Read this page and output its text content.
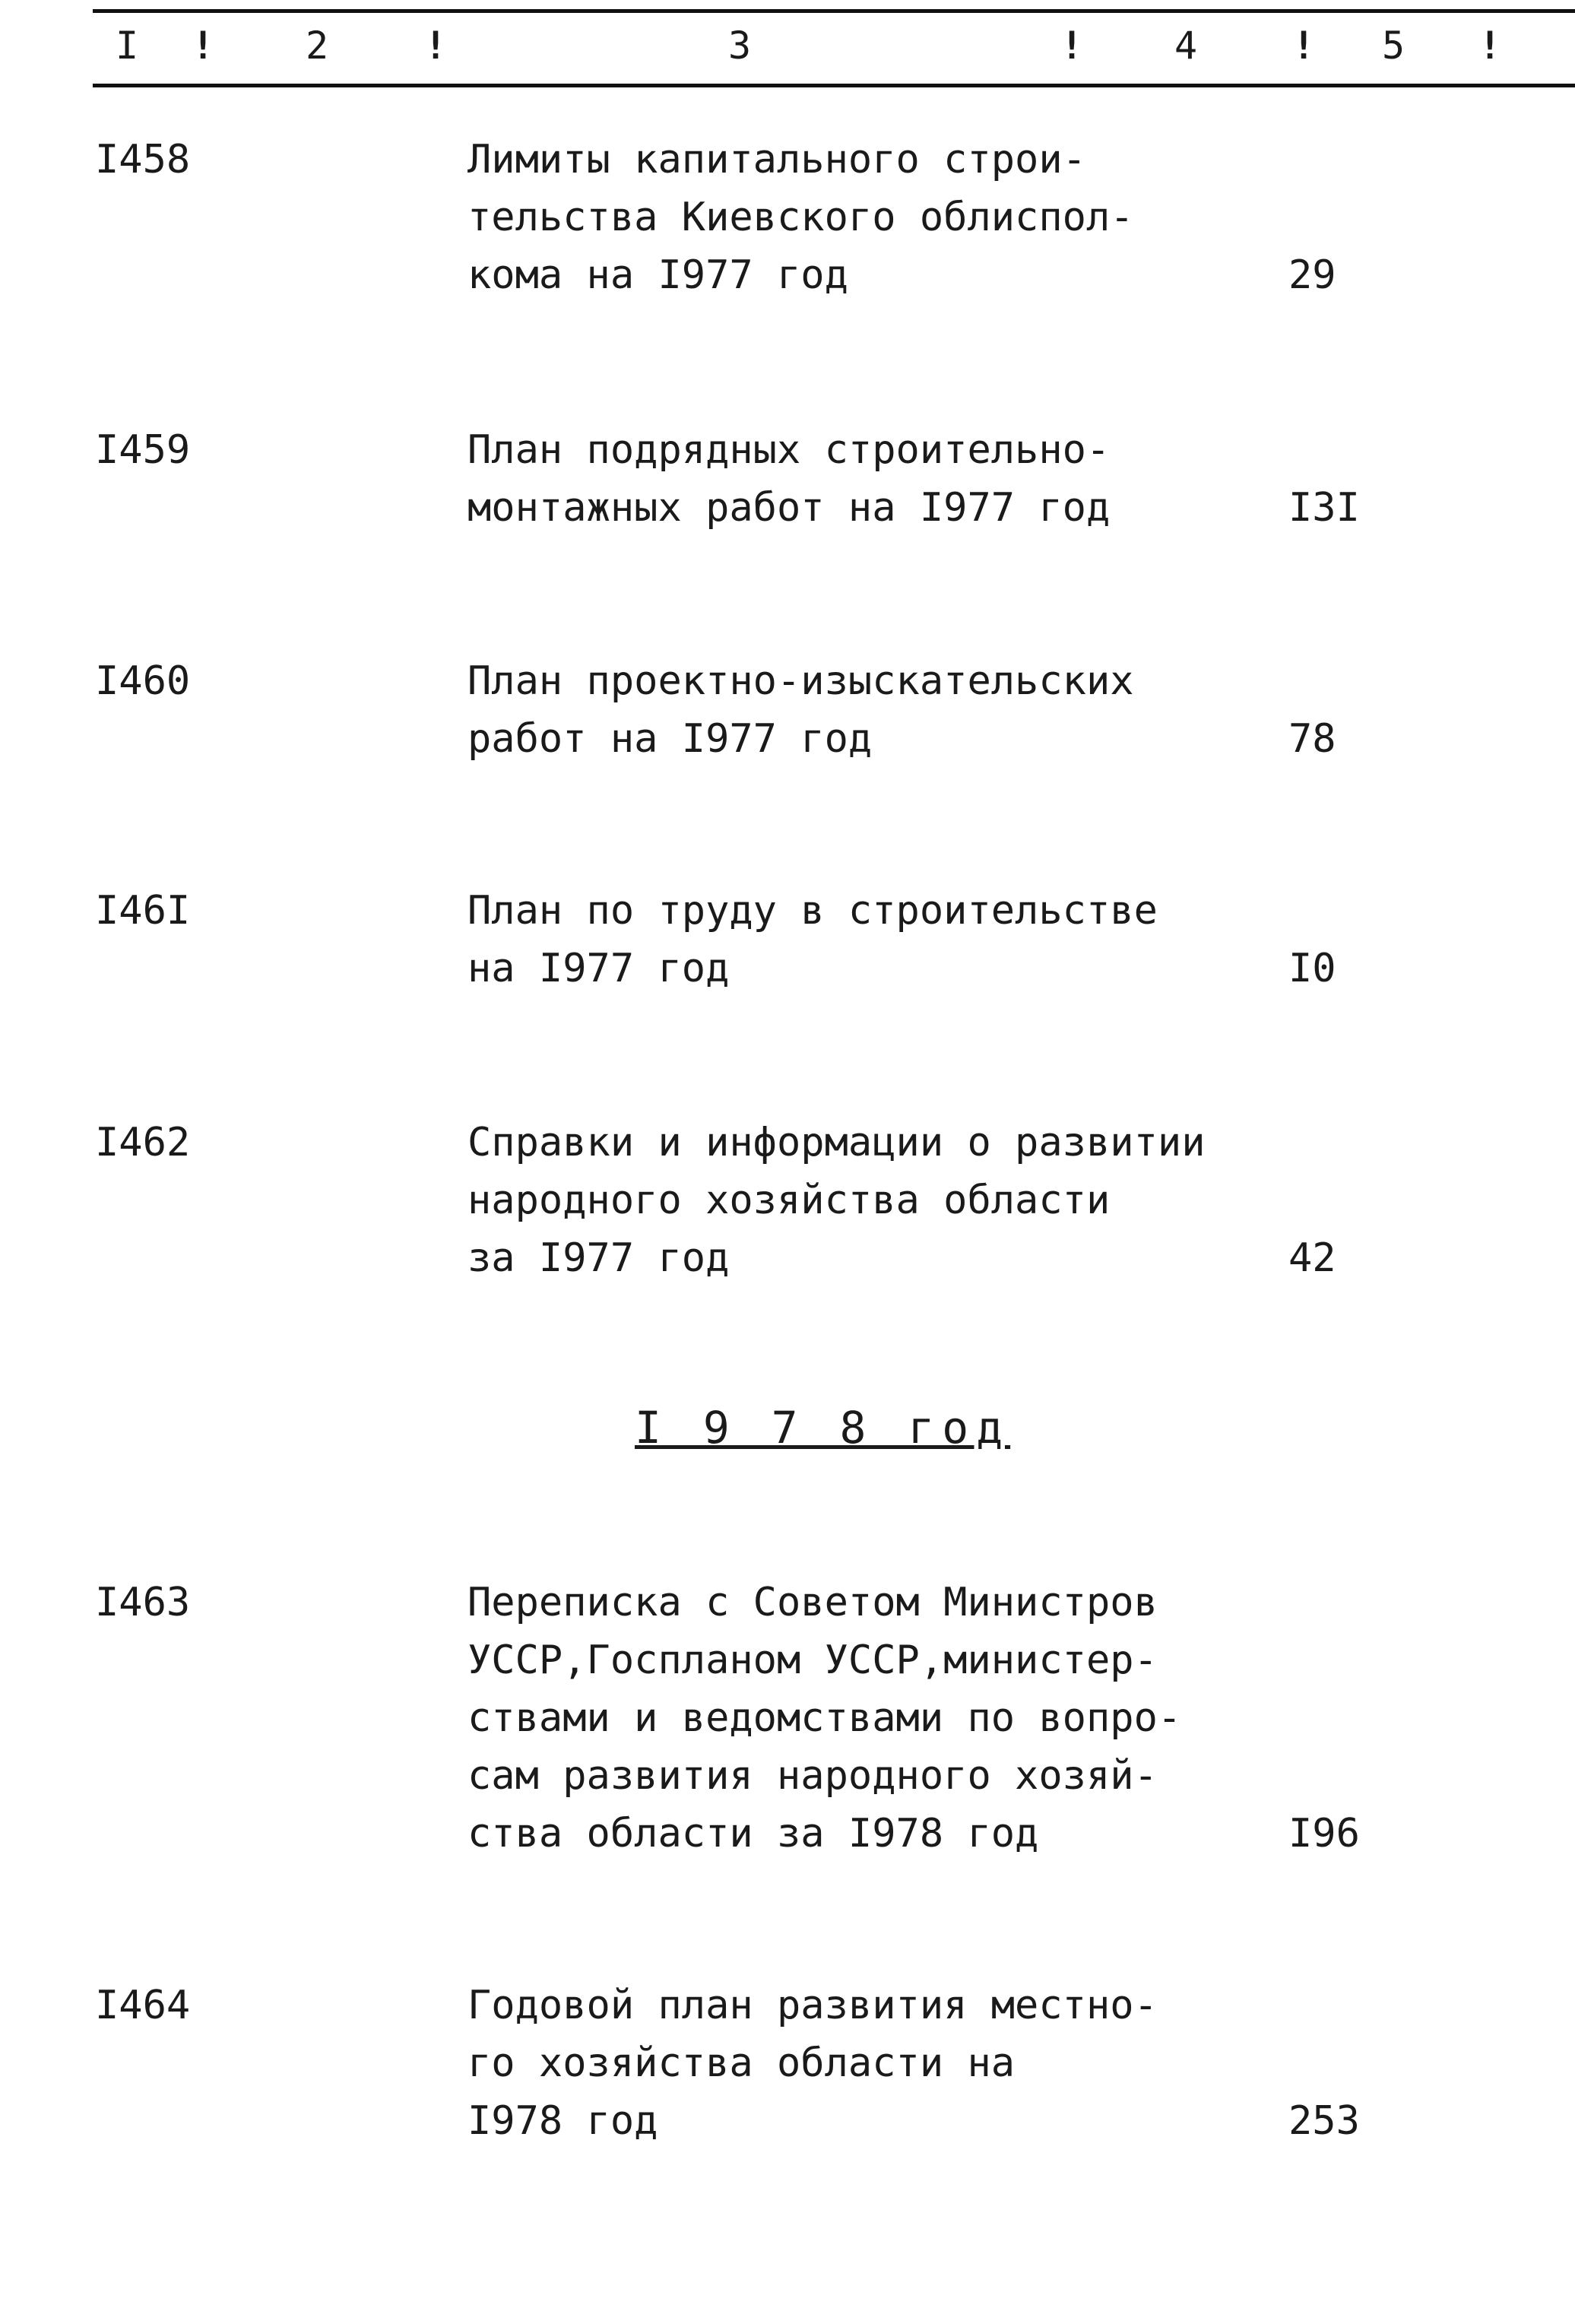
I ! 2	!	3	! 4 ! 5 !
I458	Лимиты капитального строи-
тельства Киевского облиспол-
кома на I977 год	29
I459	План подрядных строительно-
монтажных работ на I977 год	I3I
I460	План проектно-изыскательских
работ на I977 год	78
I46I	План по труду в строительстве
на I977 год	I0
I462	Справки и информации о развитии
народного хозяйства области
за I977 год	42
I 9 7 8 год
I463	Переписка с Советом Министров
УССР,Госпланом УССР,министер-
ствами и ведомствами по вопро-
сам развития народного хозяй-
ства области за I978 год	I96
I464	Годовой план развития местно-
го хозяйства области на
I978 год	253
